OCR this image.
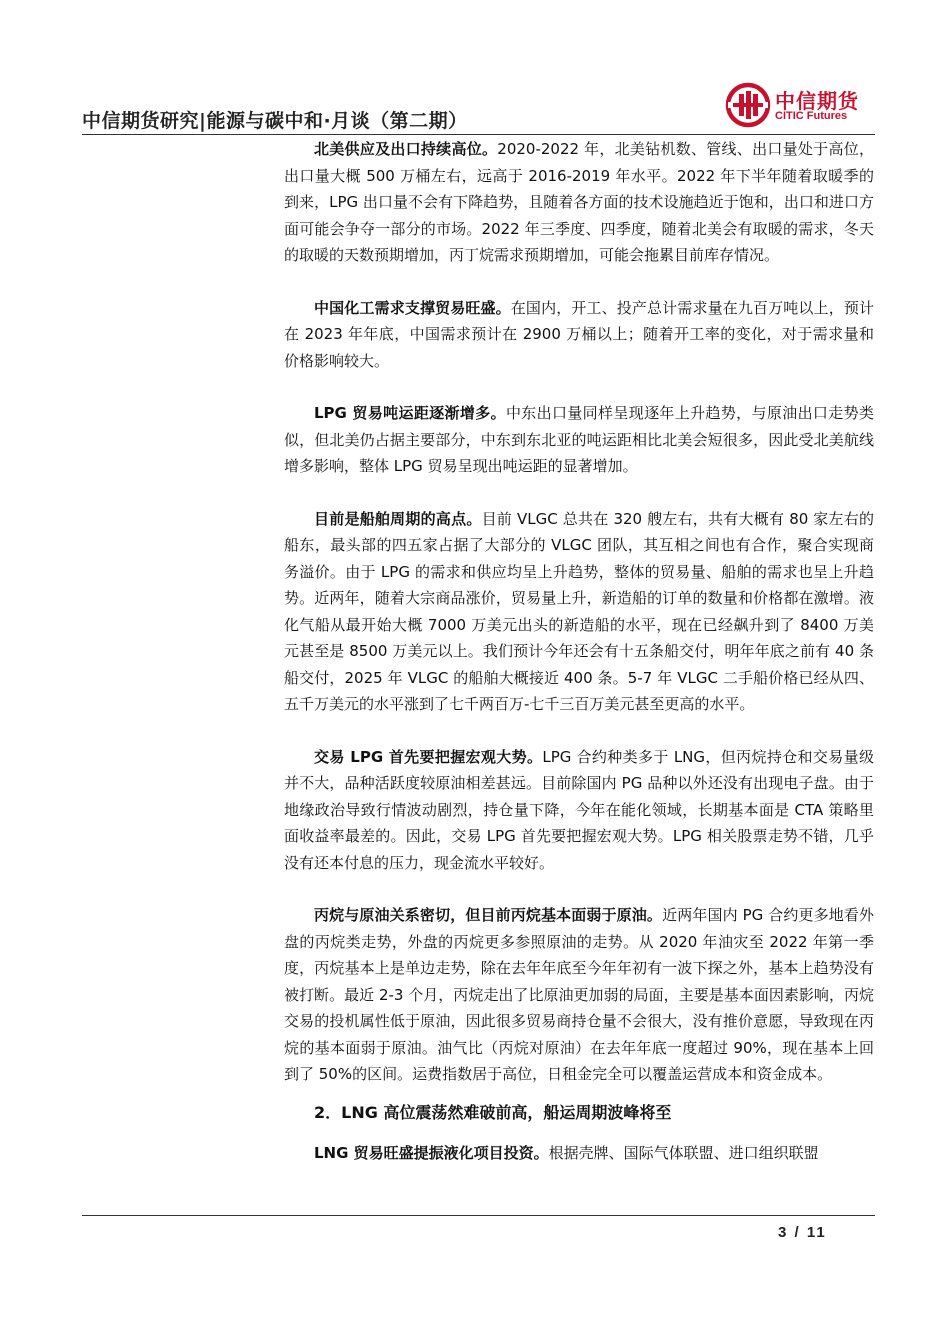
中信期货研究|能源与碳中和·月谈（第二期）
中信期货
CITIC Futures

北美供应及出口持续高位。2020-2022 年，北美钻机数、管线、出口量处于高位，出口量大概 500 万桶左右，远高于 2016-2019 年水平。2022 年下半年随着取暖季的到来，LPG 出口量不会有下降趋势，且随着各方面的技术设施趋近于饱和，出口和进口方面可能会争夺一部分的市场。2022 年三季度、四季度，随着北美会有取暖的需求，冬天的取暖的天数预期增加，丙丁烷需求预期增加，可能会拖累目前库存情况。

中国化工需求支撑贸易旺盛。在国内，开工、投产总计需求量在九百万吨以上，预计在 2023 年年底，中国需求预计在 2900 万桶以上；随着开工率的变化，对于需求量和价格影响较大。

LPG 贸易吨运距逐渐增多。中东出口量同样呈现逐年上升趋势，与原油出口走势类似，但北美仍占据主要部分，中东到东北亚的吨运距相比北美会短很多，因此受北美航线增多影响，整体 LPG 贸易呈现出吨运距的显著增加。

目前是船舶周期的高点。目前 VLGC 总共在 320 艘左右，共有大概有 80 家左右的船东，最头部的四五家占据了大部分的 VLGC 团队，其互相之间也有合作，聚合实现商务溢价。由于 LPG 的需求和供应均呈上升趋势，整体的贸易量、船舶的需求也呈上升趋势。近两年，随着大宗商品涨价，贸易量上升，新造船的订单的数量和价格都在激增。液化气船从最开始大概 7000 万美元出头的新造船的水平，现在已经飙升到了 8400 万美元甚至是 8500 万美元以上。我们预计今年还会有十五条船交付，明年年底之前有 40 条船交付，2025 年 VLGC 的船舶大概接近 400 条。5-7 年 VLGC 二手船价格已经从四、五千万美元的水平涨到了七千两百万-七千三百万美元甚至更高的水平。

交易 LPG 首先要把握宏观大势。LPG 合约种类多于 LNG，但丙烷持仓和交易量级并不大，品种活跃度较原油相差甚远。目前除国内 PG 品种以外还没有出现电子盘。由于地缘政治导致行情波动剧烈，持仓量下降，今年在能化领域，长期基本面是 CTA 策略里面收益率最差的。因此，交易 LPG 首先要把握宏观大势。LPG 相关股票走势不错，几乎没有还本付息的压力，现金流水平较好。

丙烷与原油关系密切，但目前丙烷基本面弱于原油。近两年国内 PG 合约更多地看外盘的丙烷类走势，外盘的丙烷更多参照原油的走势。从 2020 年油灾至 2022 年第一季度，丙烷基本上是单边走势，除在去年年底至今年年初有一波下探之外，基本上趋势没有被打断。最近 2-3 个月，丙烷走出了比原油更加弱的局面，主要是基本面因素影响，丙烷交易的投机属性低于原油，因此很多贸易商持仓量不会很大，没有推价意愿，导致现在丙烷的基本面弱于原油。油气比（丙烷对原油）在去年年底一度超过 90%，现在基本上回到了 50%的区间。运费指数居于高位，日租金完全可以覆盖运营成本和资金成本。

2．LNG 高位震荡然难破前高，船运周期波峰将至

LNG 贸易旺盛提振液化项目投资。根据壳牌、国际气体联盟、进口组织联盟

3 / 11
